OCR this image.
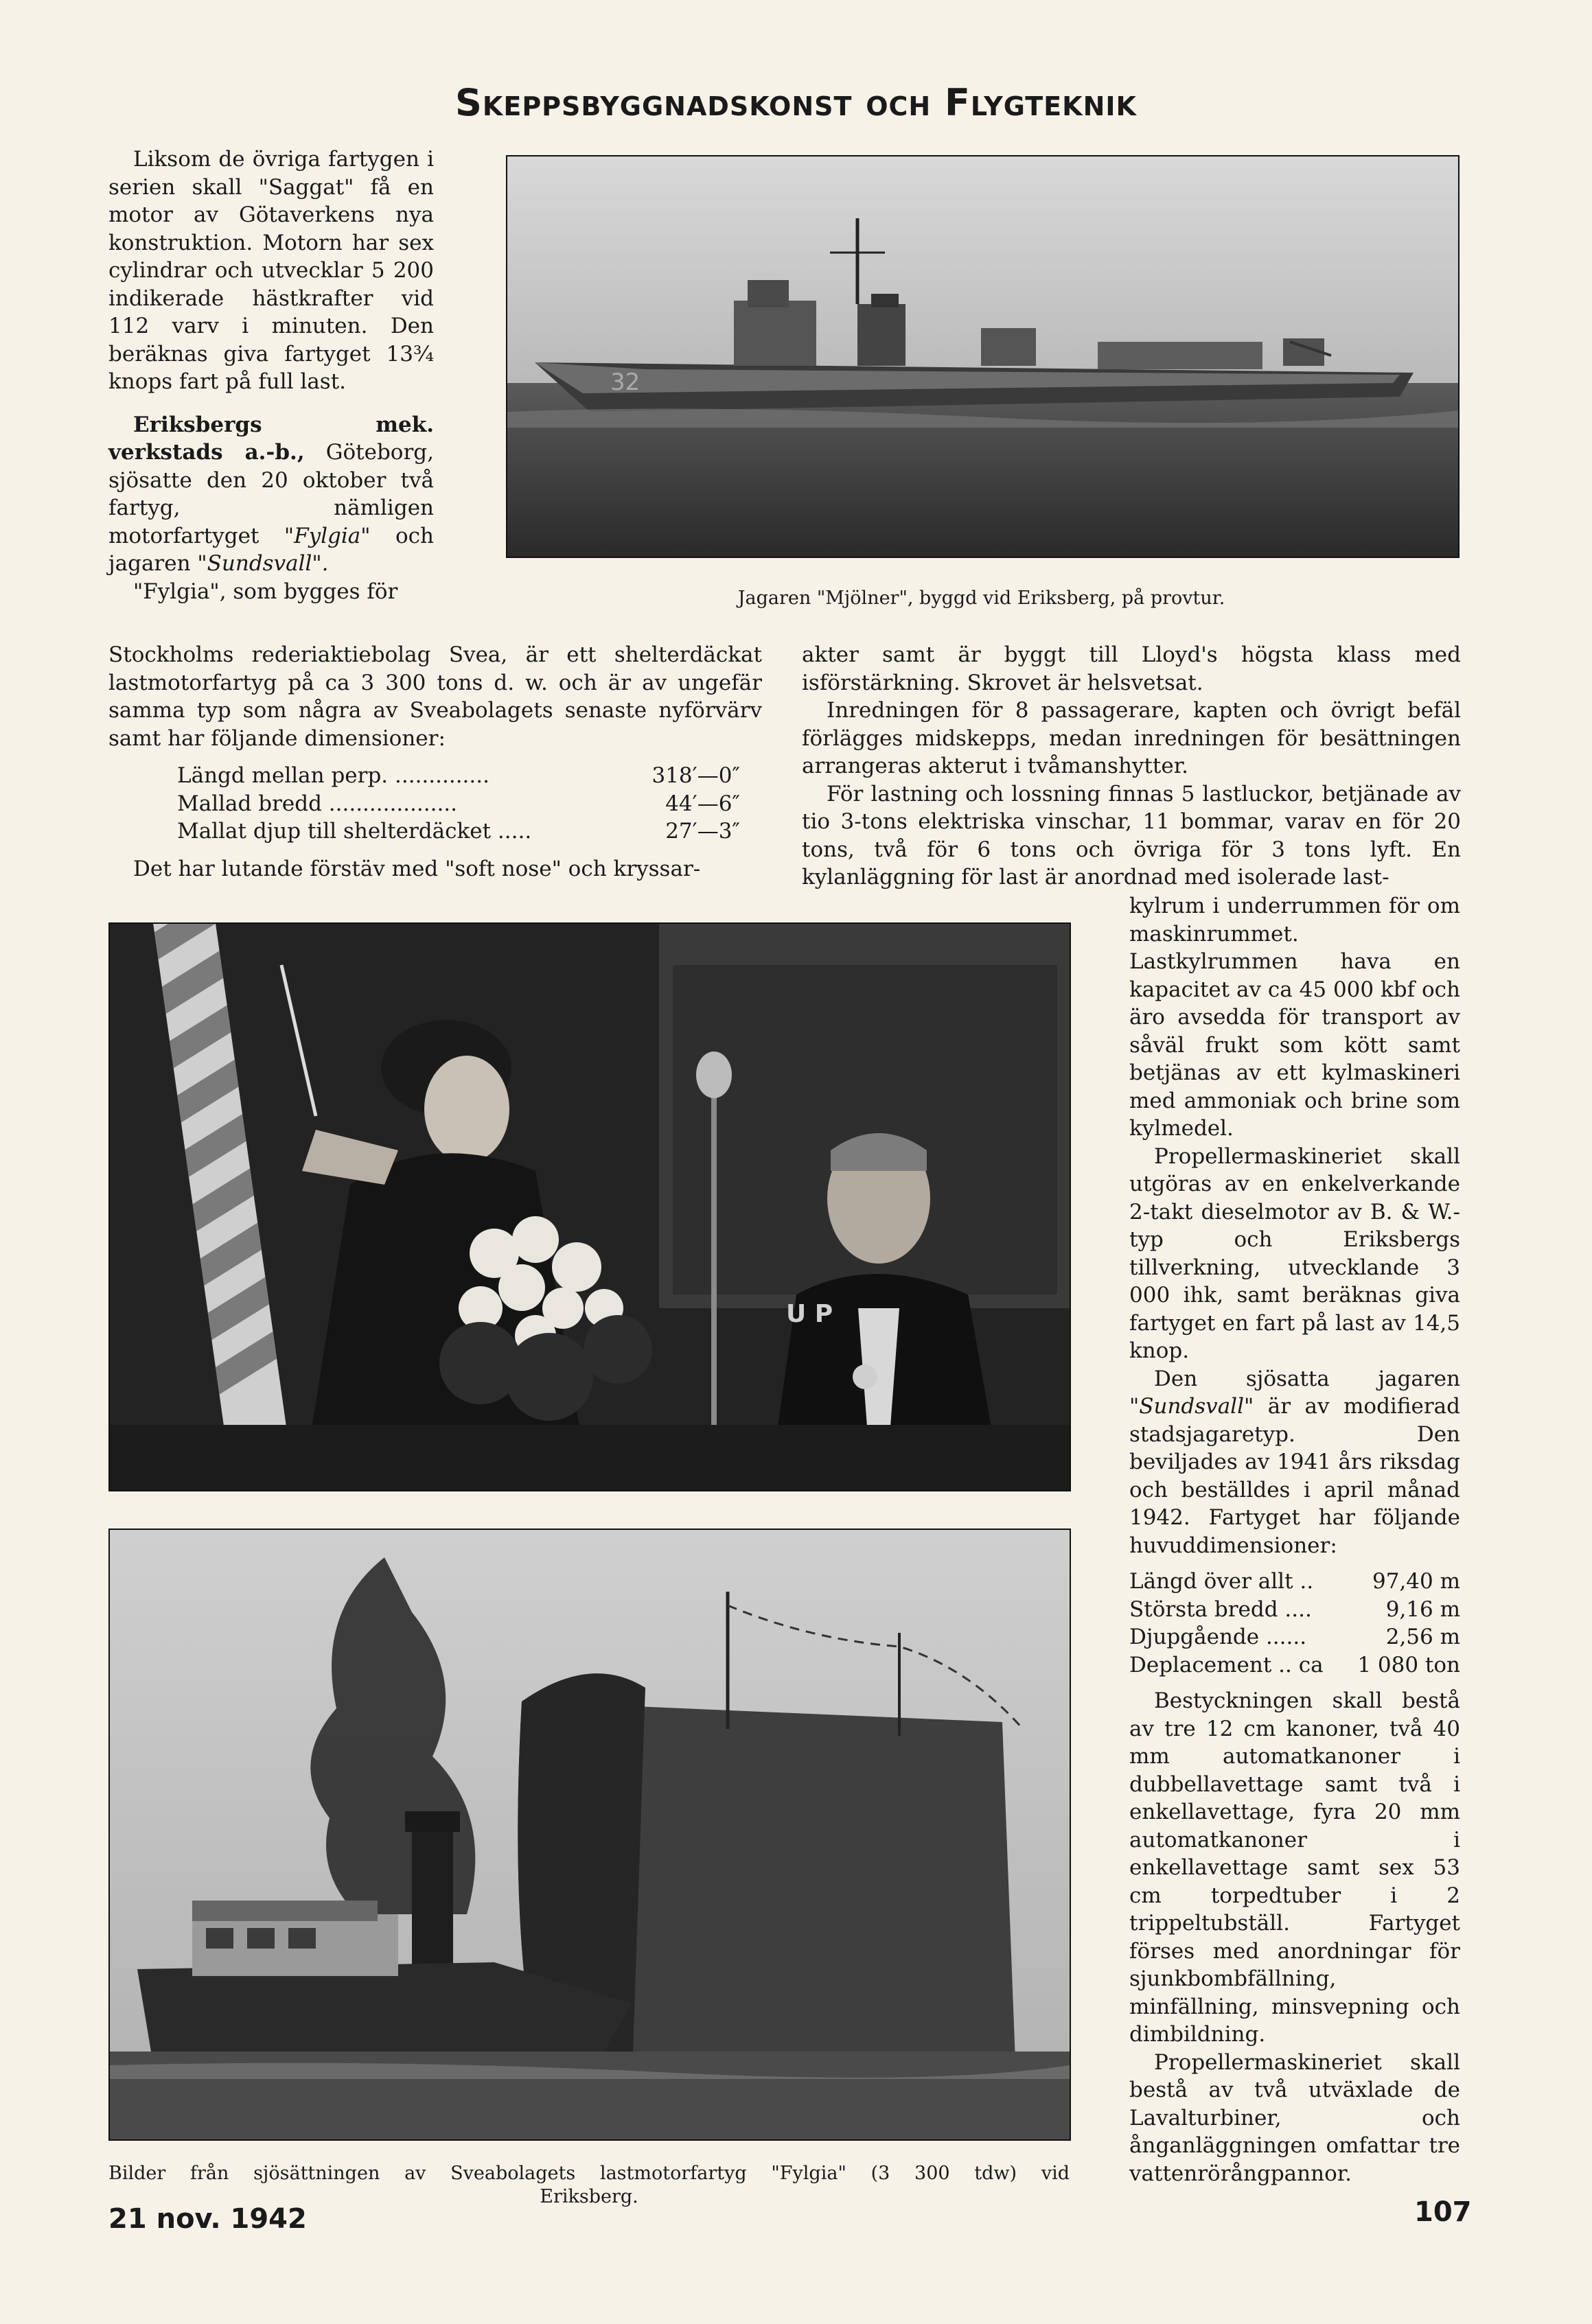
Skeppsbyggnadskonst och Flygteknik

Liksom de övriga fartygen i serien skall "Saggat" få en motor av Götaverkens nya konstruktion. Motorn har sex cylindrar och utvecklar 5 200 indikerade hästkrafter vid 112 varv i minuten. Den beräknas giva fartyget 13¾ knops fart på full last.

Eriksbergs mek. verkstads a.-b., Göteborg, sjösatte den 20 oktober två fartyg, nämligen motorfartyget "Fylgia" och jagaren "Sundsvall".

"Fylgia", som bygges för

32
Jagaren "Mjölner", byggd vid Eriksberg, på provtur.

Stockholms rederiaktiebolag Svea, är ett shelterdäckat lastmotorfartyg på ca 3 300 tons d. w. och är av ungefär samma typ som några av Sveabolagets senaste nyförvärv samt har följande dimensioner:

Längd mellan perp. ..............	318′—0″
Mallad bredd ...................	44′—6″
Mallat djup till shelterdäcket .....	27′—3″

Det har lutande förstäv med "soft nose" och kryssar-

akter samt är byggt till Lloyd's högsta klass med isförstärkning. Skrovet är helsvetsat.

Inredningen för 8 passagerare, kapten och övrigt befäl förlägges midskepps, medan inredningen för besättningen arrangeras akterut i tvåmanshytter.

För lastning och lossning finnas 5 lastluckor, betjänade av tio 3-tons elektriska vinschar, 11 bommar, varav en för 20 tons, två för 6 tons och övriga för 3 tons lyft. En kylanläggning för last är anordnad med isolerade last-

U P
Bilder från sjösättningen av Sveabolagets lastmotorfartyg "Fylgia" (3 300 tdw) vid
Eriksberg.

kylrum i underrummen för om maskinrummet. Lastkylrummen hava en kapacitet av ca 45 000 kbf och äro avsedda för transport av såväl frukt som kött samt betjänas av ett kylmaskineri med ammoniak och brine som kylmedel.

Propellermaskineriet skall utgöras av en enkelverkande 2-takt dieselmotor av B. & W.-typ och Eriksbergs tillverkning, utvecklande 3 000 ihk, samt beräknas giva fartyget en fart på last av 14,5 knop.

Den sjösatta jagaren "Sundsvall" är av modifierad stadsjagaretyp. Den beviljades av 1941 års riksdag och beställdes i april månad 1942. Fartyget har följande huvuddimensioner:

Längd över allt ..	97,40 m
Största bredd ....	9,16 m
Djupgående ......	2,56 m
Deplacement .. ca	1 080 ton

Bestyckningen skall bestå av tre 12 cm kanoner, två 40 mm automatkanoner i dubbellavettage samt två i enkellavettage, fyra 20 mm automatkanoner i enkellavettage samt sex 53 cm torpedtuber i 2 trippeltubställ. Fartyget förses med anordningar för sjunkbombfällning, minfällning, minsvepning och dimbildning.

Propellermaskineriet skall bestå av två utväxlade de Lavalturbiner, och ånganläggningen omfattar tre vattenrörångpannor.

21 nov. 1942	107
